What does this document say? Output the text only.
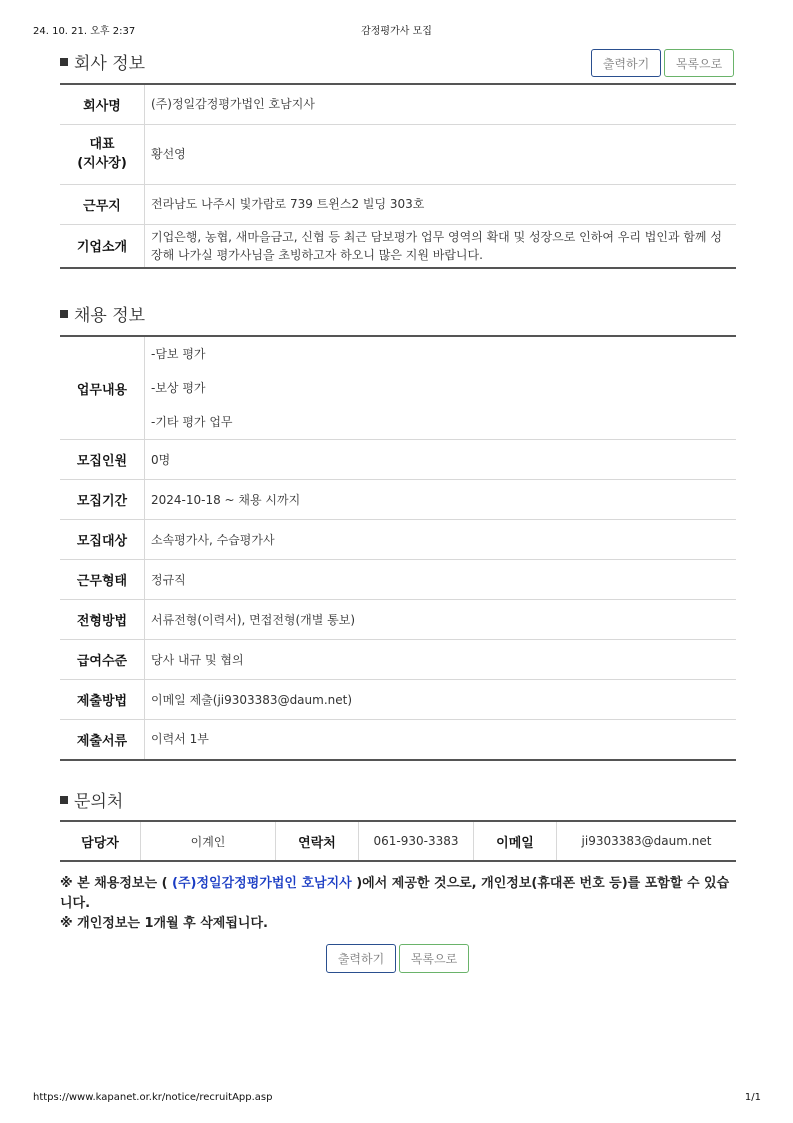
24. 10. 21. 오후 2:37	감정평가사 모집
회사 정보	출력하기	목록으로
회사명	(주)정일감정평가법인 호남지사
대표
(지사장)	황선영
근무지	전라남도 나주시 빛가람로 739 트윈스2 빌딩 303호
기업소개	기업은행, 농협, 새마을금고, 신협 등 최근 담보평가 업무 영역의 확대 및 성장으로 인하여 우리 법인과 함께 성장해 나가실 평가사님을 초빙하고자 하오니 많은 지원 바랍니다.
채용 정보
업무내용	-담보 평가
-보상 평가
-기타 평가 업무

모집인원	0명
모집기간	2024-10-18 ~ 채용 시까지
모집대상	소속평가사, 수습평가사
근무형태	정규직
전형방법	서류전형(이력서), 면접전형(개별 통보)
급여수준	당사 내규 및 협의
제출방법	이메일 제출(ji9303383@daum.net)
제출서류	이력서 1부
문의처
담당자	이계인	연락처	061-930-3383	이메일	ji9303383@daum.net
※ 본 채용정보는 ( (주)정일감정평가법인 호남지사 )에서 제공한 것으로, 개인정보(휴대폰 번호 등)를 포함할 수 있습니다.
※ 개인정보는 1개월 후 삭제됩니다.
출력하기	목록으로
https://www.kapanet.or.kr/notice/recruitApp.asp	1/1
